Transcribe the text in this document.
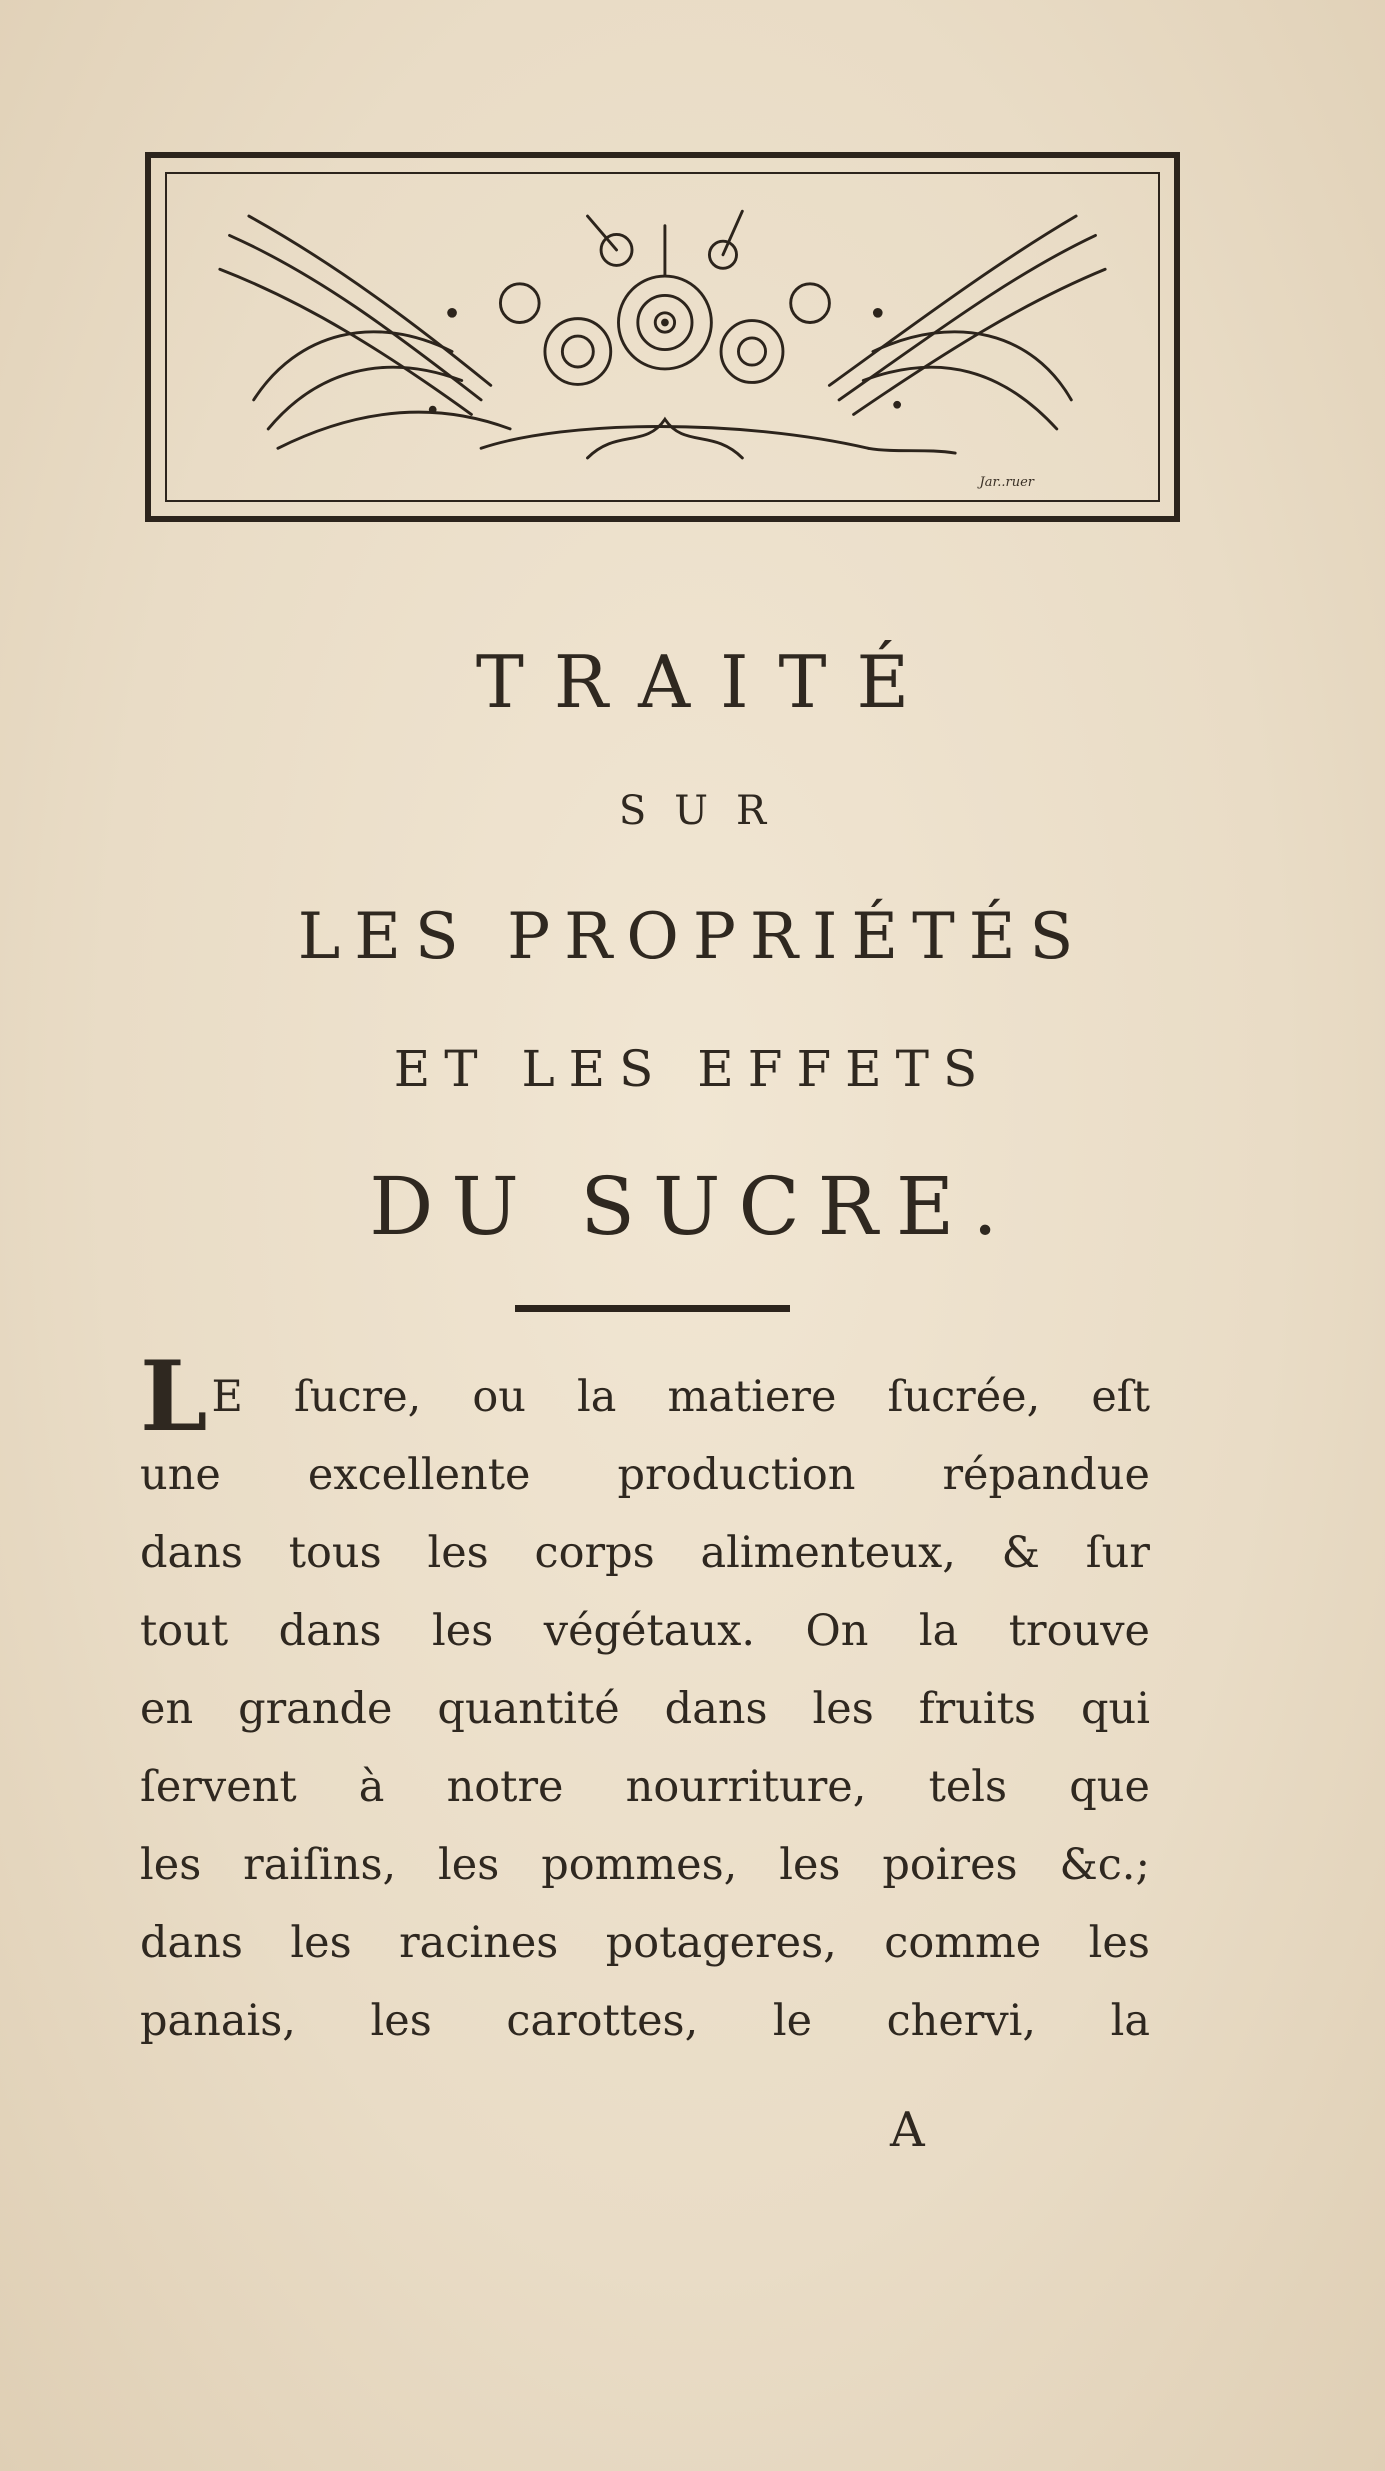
Jar..ruer
TRAITÉ
SUR
LES PROPRIÉTÉS
ET LES EFFETS
DU SUCRE.
L E ſucre, ou la matiere ſucrée, eſt
une excellente production répandue
dans tous les corps alimenteux, & ſur
tout dans les végétaux. On la trouve
en grande quantité dans les fruits qui
ſervent à notre nourriture, tels que
les raiſins, les pommes, les poires &c.;
dans les racines potageres, comme les
panais, les carottes, le chervi, la
A
